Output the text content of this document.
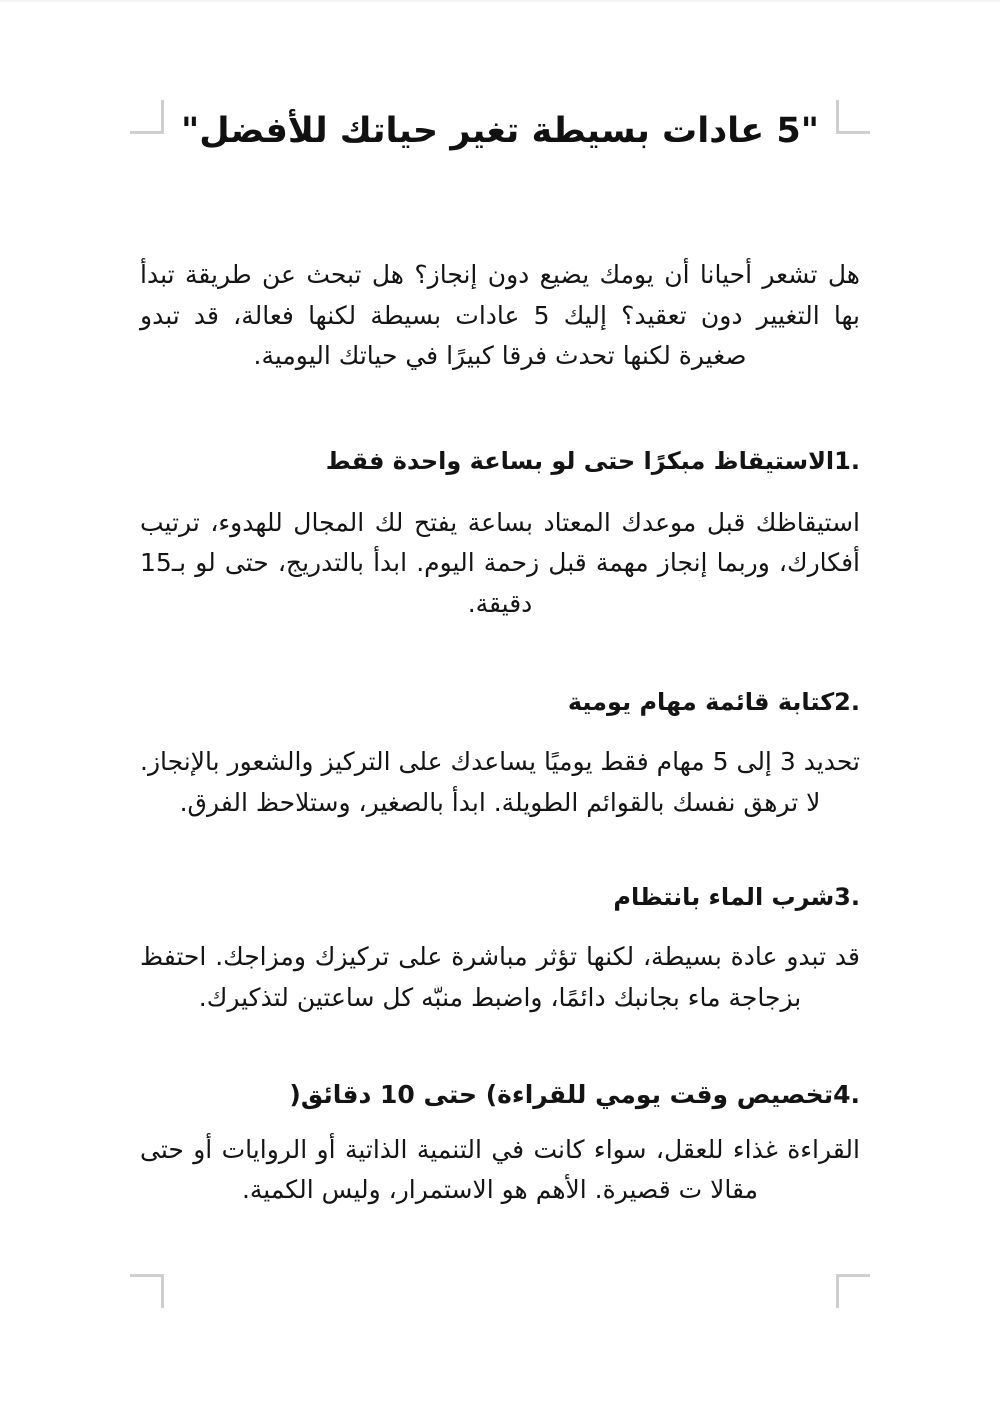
"5 عادات بسيطة تغير حياتك للأفضل"

هل تشعر أحيانا أن يومك يضيع دون إنجاز؟ هل تبحث عن طريقة تبدأ بها التغيير دون تعقيد؟ إليك 5 عادات بسيطة لكنها فعالة، قد تبدو صغيرة لكنها تحدث فرقا كبيرًا في حياتك اليومية.

.1الاستيقاظ مبكرًا حتى لو بساعة واحدة فقط

استيقاظك قبل موعدك المعتاد بساعة يفتح لك المجال للهدوء، ترتيب أفكارك، وربما إنجاز مهمة قبل زحمة اليوم. ابدأ بالتدريج، حتى لو بـ15 دقيقة.

.2كتابة قائمة مهام يومية

تحديد 3 إلى 5 مهام فقط يوميًا يساعدك على التركيز والشعور بالإنجاز. لا ترهق نفسك بالقوائم الطويلة. ابدأ بالصغير، وستلاحظ الفرق.

.3شرب الماء بانتظام

قد تبدو عادة بسيطة، لكنها تؤثر مباشرة على تركيزك ومزاجك. احتفظ بزجاجة ماء بجانبك دائمًا، واضبط منبّه كل ساعتين لتذكيرك.

.4تخصيص وقت يومي للقراءة) حتى 10 دقائق(

القراءة غذاء للعقل، سواء كانت في التنمية الذاتية أو الروايات أو حتى مقالا ت قصيرة. الأهم هو الاستمرار، وليس الكمية.
